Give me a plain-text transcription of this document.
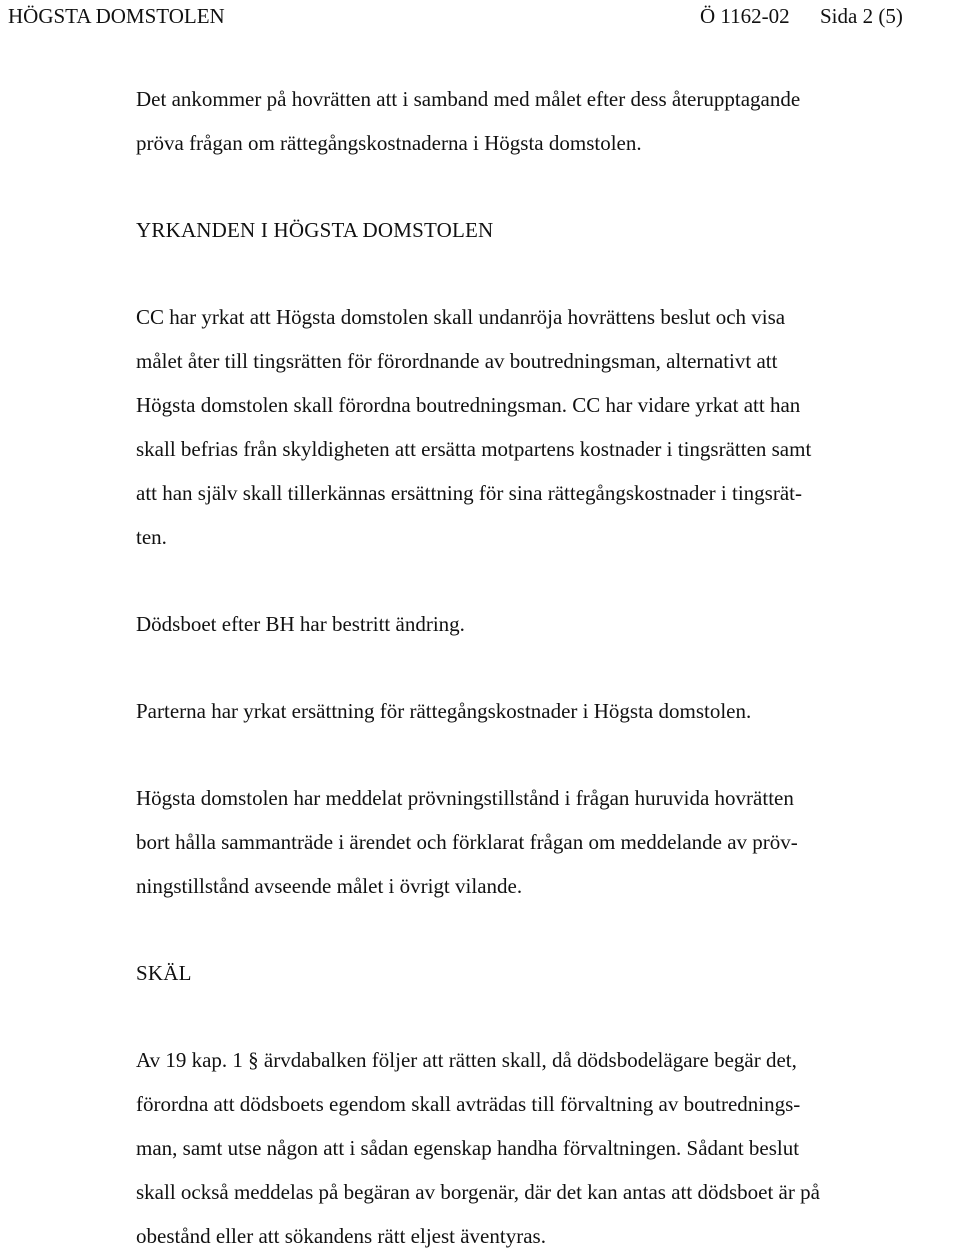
HÖGSTA DOMSTOLEN	Ö 1162-02 Sida 2 (5)
Det ankommer på hovrätten att i samband med målet efter dess återupptagande
pröva frågan om rättegångskostnaderna i Högsta domstolen.
YRKANDEN I HÖGSTA DOMSTOLEN
CC har yrkat att Högsta domstolen skall undanröja hovrättens beslut och visa
målet åter till tingsrätten för förordnande av boutredningsman, alternativt att
Högsta domstolen skall förordna boutredningsman. CC har vidare yrkat att han
skall befrias från skyldigheten att ersätta motpartens kostnader i tingsrätten samt
att han själv skall tillerkännas ersättning för sina rättegångskostnader i tingsrät-
ten.
Dödsboet efter BH har bestritt ändring.
Parterna har yrkat ersättning för rättegångskostnader i Högsta domstolen.
Högsta domstolen har meddelat prövningstillstånd i frågan huruvida hovrätten
bort hålla sammanträde i ärendet och förklarat frågan om meddelande av pröv-
ningstillstånd avseende målet i övrigt vilande.
SKÄL
Av 19 kap. 1 § ärvdabalken följer att rätten skall, då dödsbodelägare begär det,
förordna att dödsboets egendom skall avträdas till förvaltning av boutrednings-
man, samt utse någon att i sådan egenskap handha förvaltningen. Sådant beslut
skall också meddelas på begäran av borgenär, där det kan antas att dödsboet är på
obestånd eller att sökandens rätt eljest äventyras.
